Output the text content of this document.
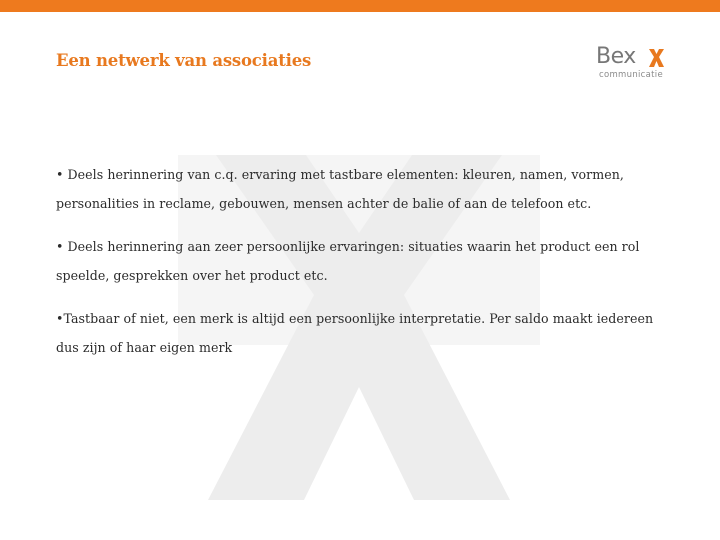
Een netwerk van associaties	Bex
communicatie

• Deels herinnering van c.q. ervaring met tastbare elementen: kleuren, namen, vormen, personalities in reclame, gebouwen, mensen achter de balie of aan de telefoon etc.

• Deels herinnering aan zeer persoonlijke ervaringen: situaties waarin het product een rol speelde, gesprekken over het product etc.

•Tastbaar of niet, een merk is altijd een persoonlijke interpretatie. Per saldo maakt iedereen dus zijn of haar eigen merk
